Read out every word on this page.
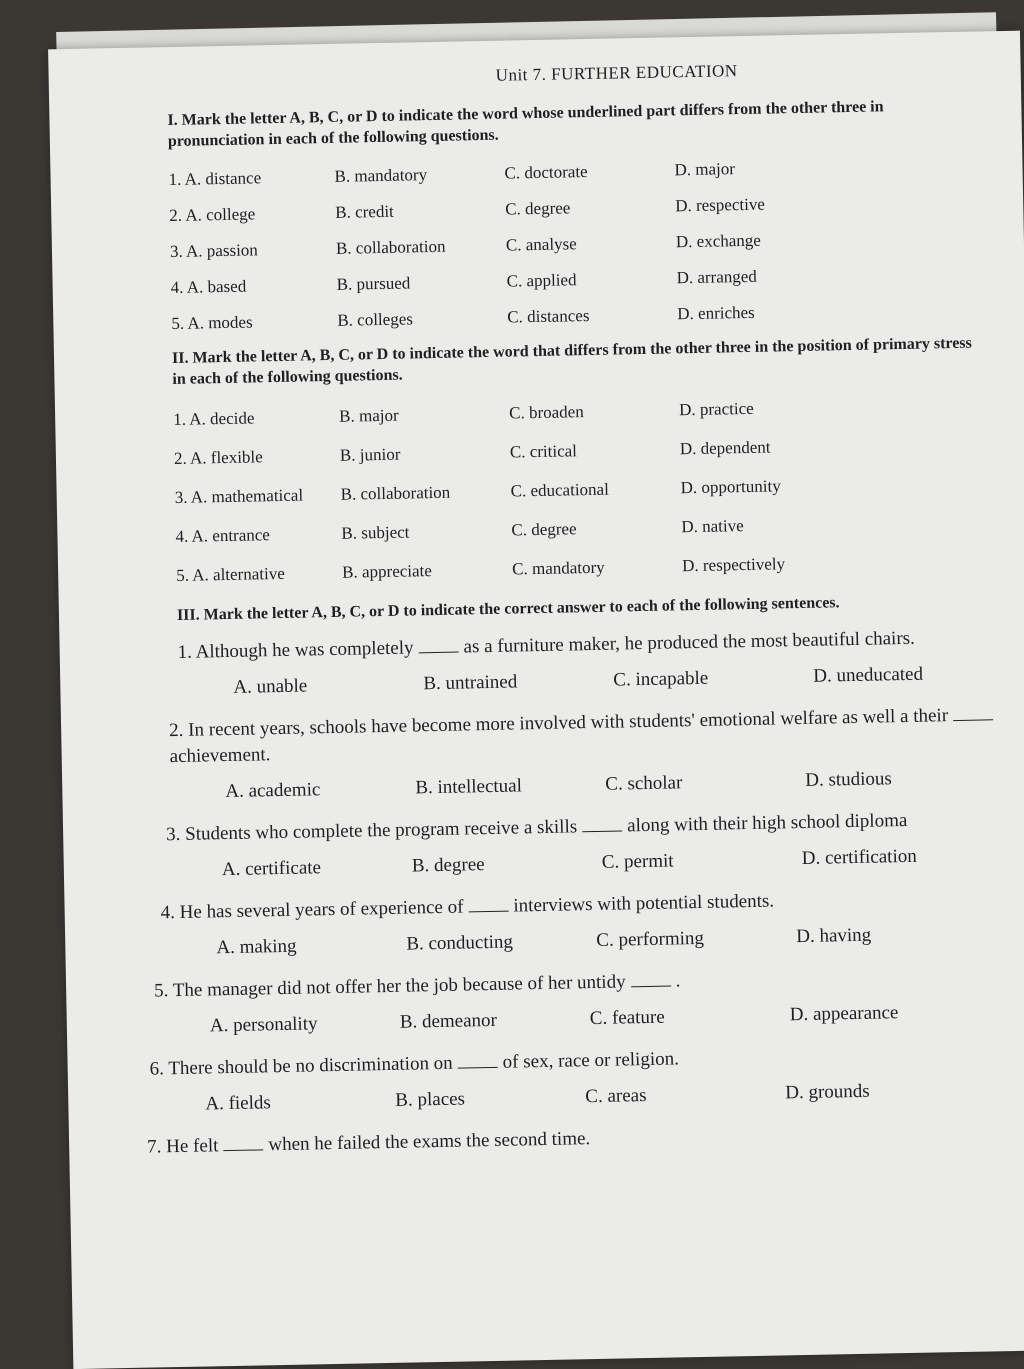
Unit 7. FURTHER EDUCATION
I. Mark the letter A, B, C, or D to indicate the word whose underlined part differs from the other three in pronunciation in each of the following questions.
1. A. distance	B. mandatory	C. doctorate	D. major
2. A. college	B. credit	C. degree	D. respective
3. A. passion	B. collaboration	C. analyse	D. exchange
4. A. based	B. pursued	C. applied	D. arranged
5. A. modes	B. colleges	C. distances	D. enriches
II. Mark the letter A, B, C, or D to indicate the word that differs from the other three in the position of primary stress in each of the following questions.
1. A. decide	B. major	C. broaden	D. practice
2. A. flexible	B. junior	C. critical	D. dependent
3. A. mathematical	B. collaboration	C. educational	D. opportunity
4. A. entrance	B. subject	C. degree	D. native
5. A. alternative	B. appreciate	C. mandatory	D. respectively
III. Mark the letter A, B, C, or D to indicate the correct answer to each of the following sentences.

1. Although he was completely	as a furniture maker, he produced the most beautiful chairs.

A. unable	B. untrained	C. incapable	D. uneducated

2. In recent years, schools have become more involved with students' emotional welfare as well a theirachievement.

A. academic	B. intellectual	C. scholar	D. studious

3. Students who complete the program receive a skills	along with their high school diploma

A. certificate	B. degree	C. permit	D. certification

4. He has several years of experience of	interviews with potential students.

A. making	B. conducting	C. performing	D. having

5. The manager did not offer her the job because of her untidy	.

A. personality	B. demeanor	C. feature	D. appearance

6. There should be no discrimination on	of sex, race or religion.

A. fields	B. places	C. areas	D. grounds

7. He felt	when he failed the exams the second time.
